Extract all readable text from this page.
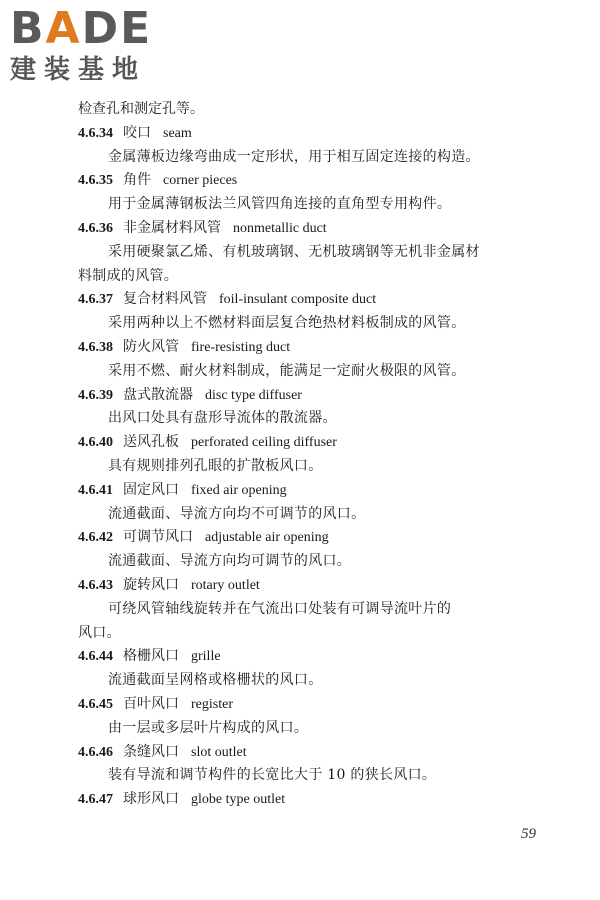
BADE
建装基地
检查孔和测定孔等。
4.6.34 咬口 seam
金属薄板边缘弯曲成一定形状，用于相互固定连接的构造。
4.6.35 角件 corner pieces
用于金属薄钢板法兰风管四角连接的直角型专用构件。
4.6.36 非金属材料风管 nonmetallic duct
采用硬聚氯乙烯、有机玻璃钢、无机玻璃钢等无机非金属材
料制成的风管。
4.6.37 复合材料风管 foil-insulant composite duct
采用两种以上不燃材料面层复合绝热材料板制成的风管。
4.6.38 防火风管 fire-resisting duct
采用不燃、耐火材料制成，能满足一定耐火极限的风管。
4.6.39 盘式散流器 disc type diffuser
出风口处具有盘形导流体的散流器。
4.6.40 送风孔板 perforated ceiling diffuser
具有规则排列孔眼的扩散板风口。
4.6.41 固定风口 fixed air opening
流通截面、导流方向均不可调节的风口。
4.6.42 可调节风口 adjustable air opening
流通截面、导流方向均可调节的风口。
4.6.43 旋转风口 rotary outlet
可绕风管轴线旋转并在气流出口处装有可调导流叶片的
风口。
4.6.44 格栅风口 grille
流通截面呈网格或格栅状的风口。
4.6.45 百叶风口 register
由一层或多层叶片构成的风口。
4.6.46 条缝风口 slot outlet
装有导流和调节构件的长宽比大于 10 的狭长风口。
4.6.47 球形风口 globe type outlet
59
